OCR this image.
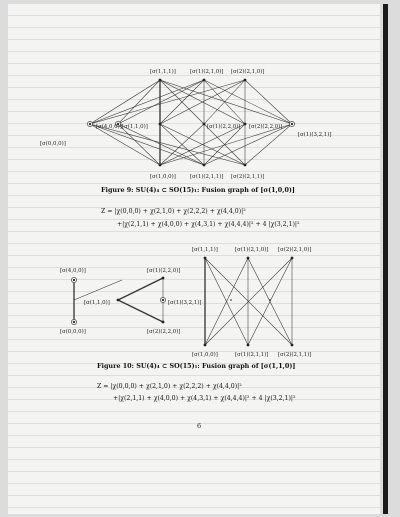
[σ(1,1,1)]	[σ(1)(2,1,0)] [σ(2)(2,1,0)]
[σ(4,0,0)] [σ(1,1,0)]	[σ(1)(2,2,0)] [σ(2)(2,2,0)]
[σ(0,0,0)]
[σ(1)(3,2,1)]
[σ(1,0,0)]	[σ(1)(2,1,1)] [σ(2)(2,1,1)]
Figure 9: SU(4)₄ ⊂ SO(15)₁: Fusion graph of [σ(1,0,0)]
Z = |χ(0,0,0) + χ(2,1,0) + χ(2,2,2) + χ(4,4,0)|²
+|χ(2,1,1) + χ(4,0,0) + χ(4,3,1) + χ(4,4,4)|² + 4 |χ(3,2,1)|²
[σ(4,0,0)]	[σ(1)(2,2,0)]
[σ(1,1,0)]	[σ(1)(3,2,1)]
[σ(0,0,0)]	[σ(2)(2,2,0)]
[σ(1,1,1)]	[σ(1)(2,1,0)] [σ(2)(2,1,0)]
[σ(1,0,0)]	[σ(1)(2,1,1)] [σ(2)(2,1,1)]
Figure 10: SU(4)₄ ⊂ SO(15)₁: Fusion graph of [σ(1,1,0)]
Z = |χ(0,0,0) + χ(2,1,0) + χ(2,2,2) + χ(4,4,0)|²
+|χ(2,1,1) + χ(4,0,0) + χ(4,3,1) + χ(4,4,4)|² + 4 |χ(3,2,1)|²
6
